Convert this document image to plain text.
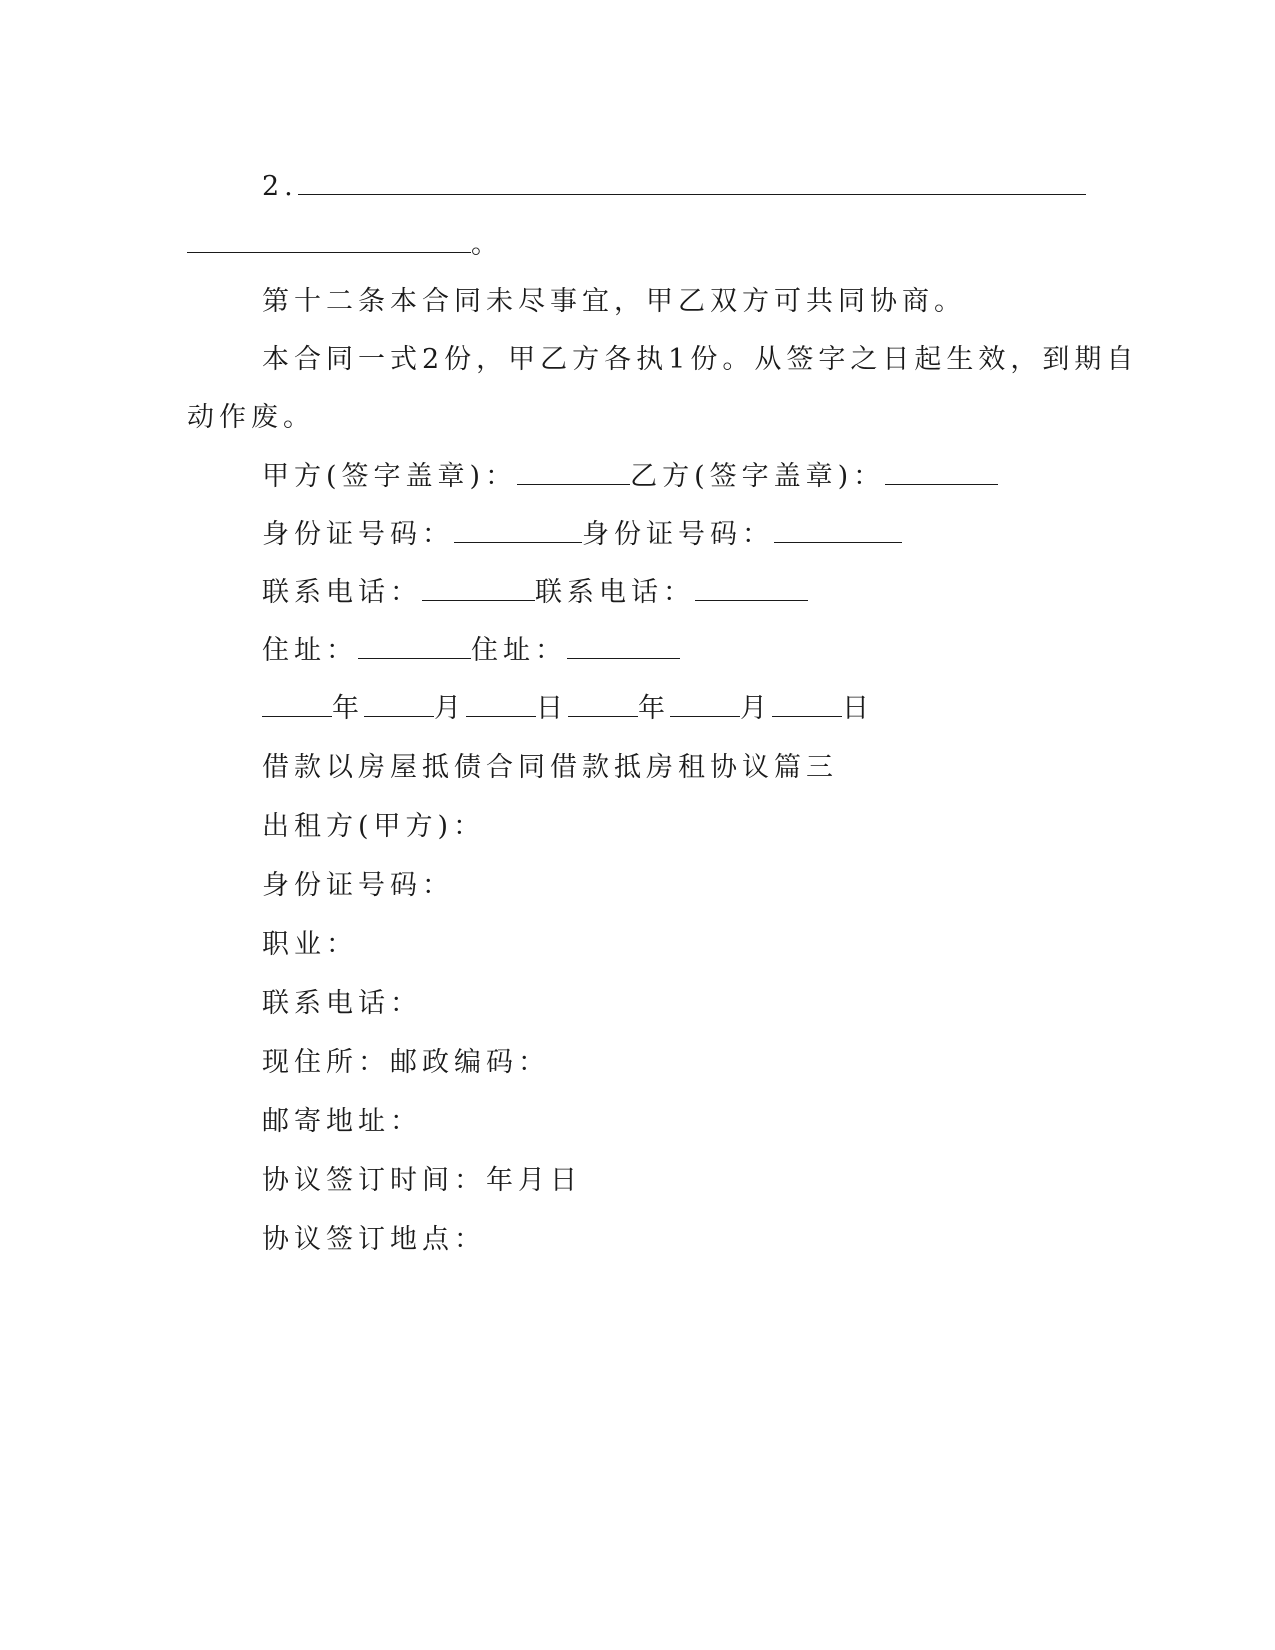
2.
。
第十二条本合同未尽事宜，甲乙双方可共同协商。
本合同一式2份，甲乙方各执1份。从签字之日起生效，到期自
动作废。
甲方(签字盖章)：	乙方(签字盖章)：
身份证号码：	身份证号码：
联系电话：	联系电话：
住址：	住址：
年	月	日	年	月	日
借款以房屋抵债合同借款抵房租协议篇三
出租方(甲方)：
身份证号码：
职业：
联系电话：
现住所：邮政编码：
邮寄地址：
协议签订时间：年月日
协议签订地点：
